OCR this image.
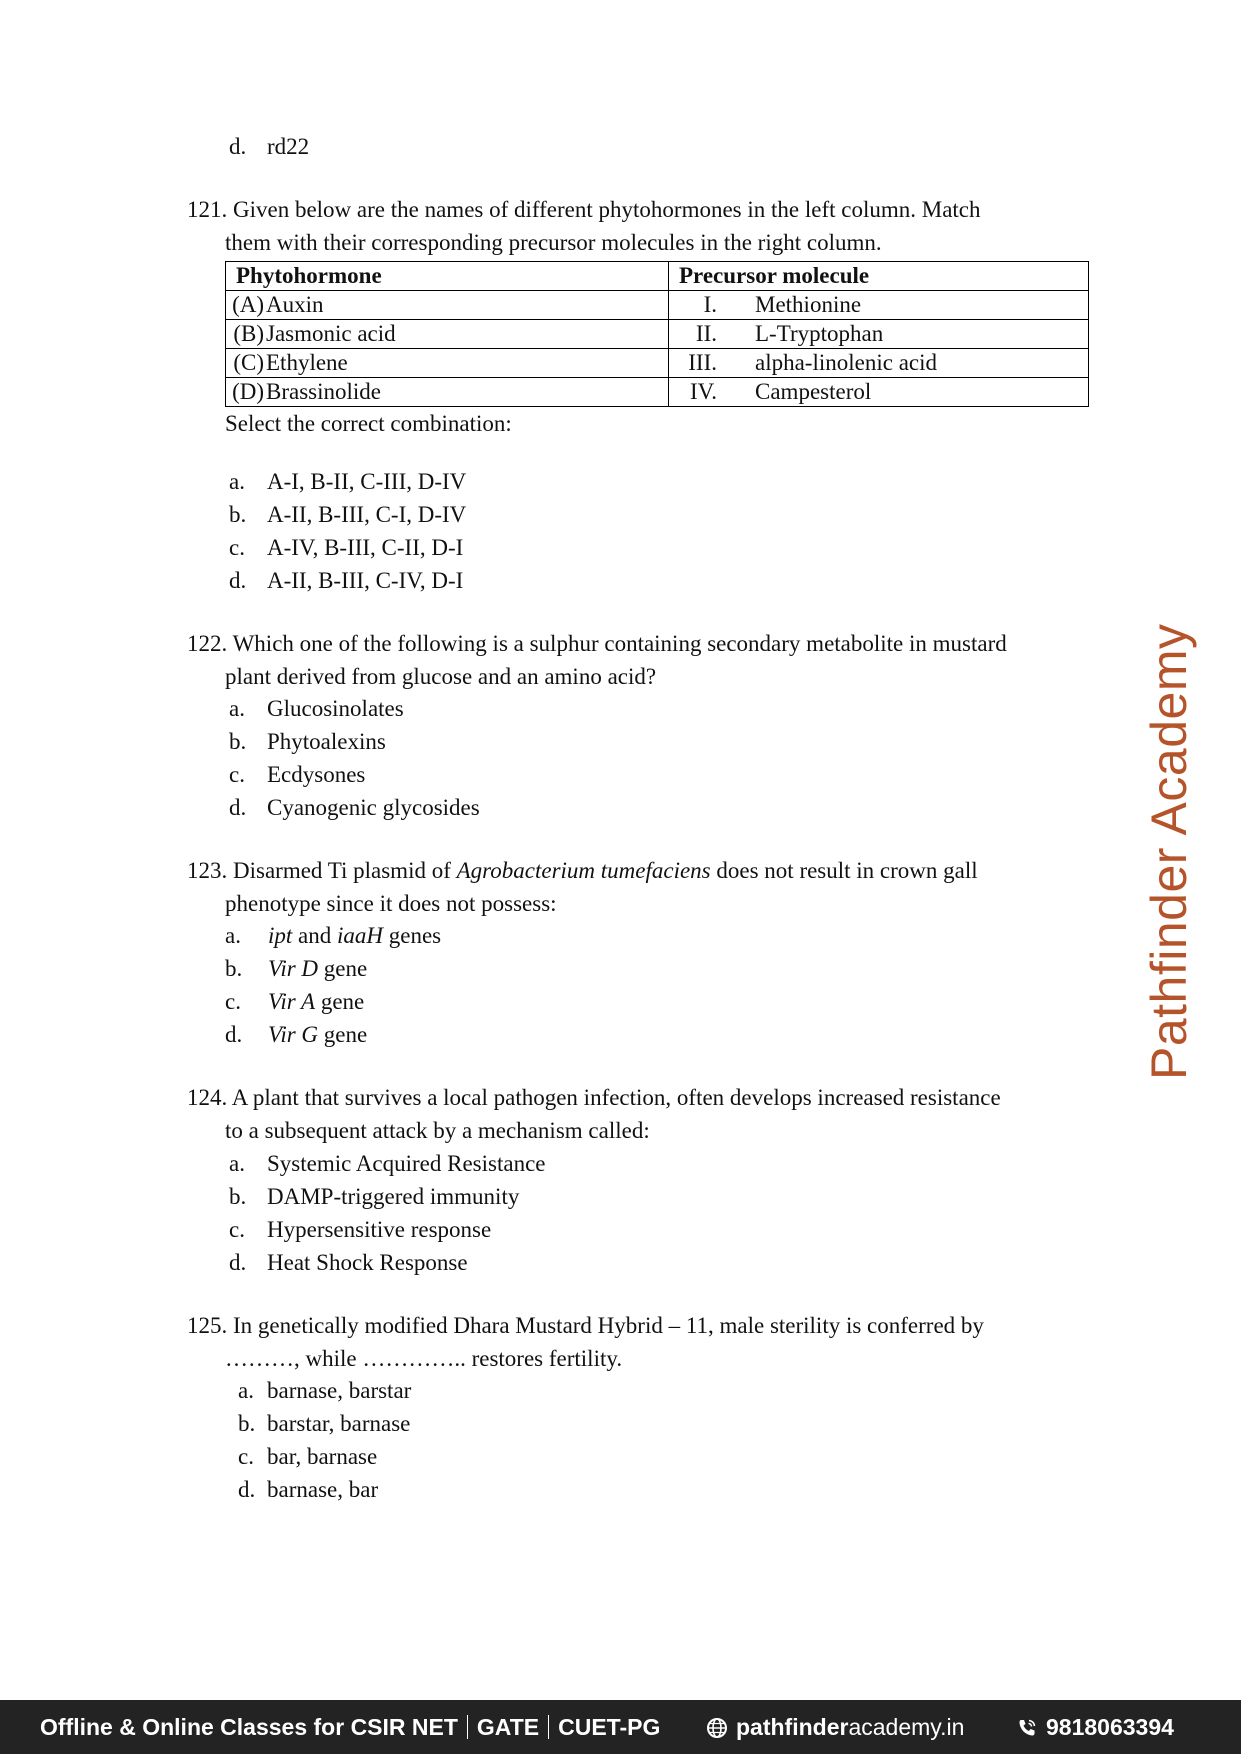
d. rd22
121. Given below are the names of different phytohormones in the left column. Match
them with their corresponding precursor molecules in the right column.
Phytohormone	Precursor molecule
(A)Auxin	I. Methionine
(B)Jasmonic acid	II. L-Tryptophan
(C)Ethylene	III. alpha-linolenic acid
(D)Brassinolide	IV. Campesterol
Select the correct combination:
a. A-I, B-II, C-III, D-IV
b. A-II, B-III, C-I, D-IV
c. A-IV, B-III, C-II, D-I
d. A-II, B-III, C-IV, D-I
122. Which one of the following is a sulphur containing secondary metabolite in mustard
plant derived from glucose and an amino acid?
a. Glucosinolates
b. Phytoalexins
c. Ecdysones
d. Cyanogenic glycosides
123. Disarmed Ti plasmid of Agrobacterium tumefaciens does not result in crown gall
phenotype since it does not possess:
a. ipt and iaaH genes
b. Vir D gene
c. Vir A gene
d. Vir G gene
124. A plant that survives a local pathogen infection, often develops increased resistance
to a subsequent attack by a mechanism called:
a. Systemic Acquired Resistance
b. DAMP-triggered immunity
c. Hypersensitive response
d. Heat Shock Response
125. In genetically modified Dhara Mustard Hybrid – 11, male sterility is conferred by
………, while ………….. restores fertility.
a. barnase, barstar
b. barstar, barnase
c. bar, barnase
d. barnase, bar
Pathfinder Academy
Offline & Online Classes for CSIR NET GATE CUET-PG	pathfinderacademy.in	9818063394
